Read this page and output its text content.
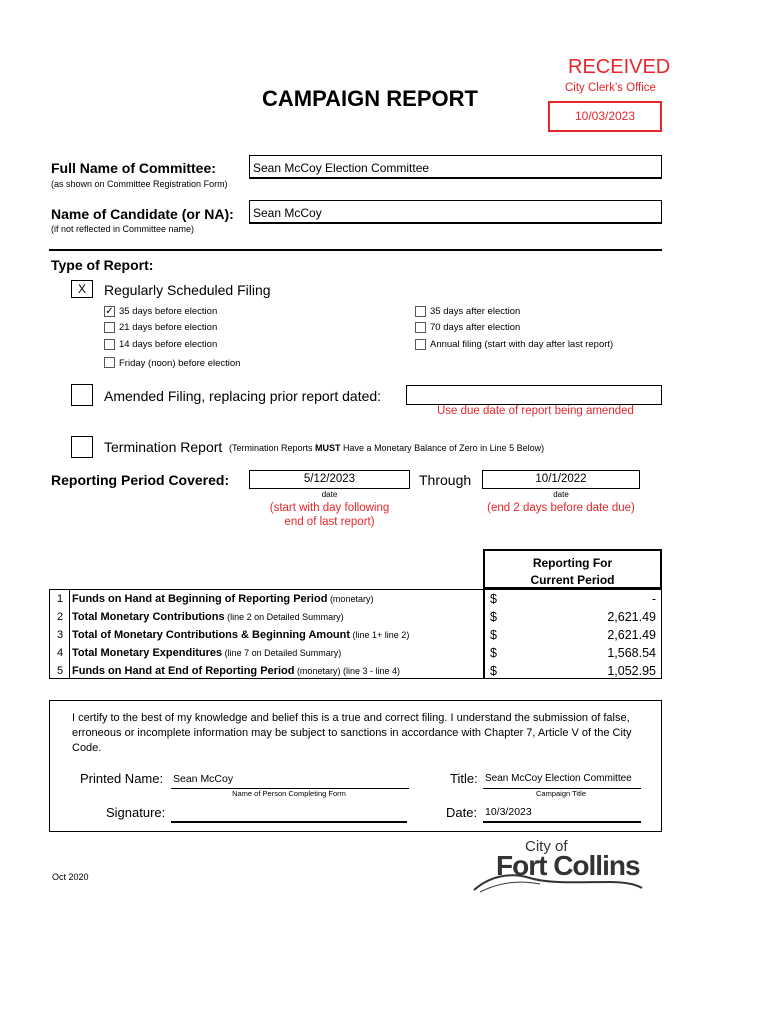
RECEIVED
City Clerk’s Office
10/03/2023
CAMPAIGN REPORT
Full Name of Committee:
(as shown on Committee Registration Form)
Sean McCoy Election Committee
Name of Candidate (or NA):
(if not reflected in Committee name)
Sean McCoy
Type of Report:
X	Regularly Scheduled Filing
✓ 35 days before election
21 days before election
14 days before election
Friday (noon) before election
35 days after election
70 days after election
Annual filing (start with day after last report)
Amended Filing, replacing prior report dated:
Use due date of report being amended
Termination Report (Termination Reports MUST Have a Monetary Balance of Zero in Line 5 Below)
Reporting Period Covered:	5/12/2023
date
(start with day following
end of last report)
Through	10/1/2022
date
(end 2 days before date due)
Reporting For
Current Period
1 Funds on Hand at Beginning of Reporting Period (monetary)	$	-
2 Total Monetary Contributions (line 2 on Detailed Summary)	$	2,621.49
3 Total of Monetary Contributions & Beginning Amount (line 1+ line 2)	$	2,621.49
4 Total Monetary Expenditures (line 7 on Detailed Summary)	$	1,568.54
5 Funds on Hand at End of Reporting Period (monetary) (line 3 - line 4)	$	1,052.95
I certify to the best of my knowledge and belief this is a true and correct filing. I understand the submission of false, erroneous or incomplete information may be subject to sanctions in accordance with Chapter 7, Article V of the City Code.
Printed Name: Sean McCoy
Name of Person Completing Form
Title: Sean McCoy Election Committee
Campaign Title
Signature:	Date: 10/3/2023
Oct 2020
City of
Fort Collins
